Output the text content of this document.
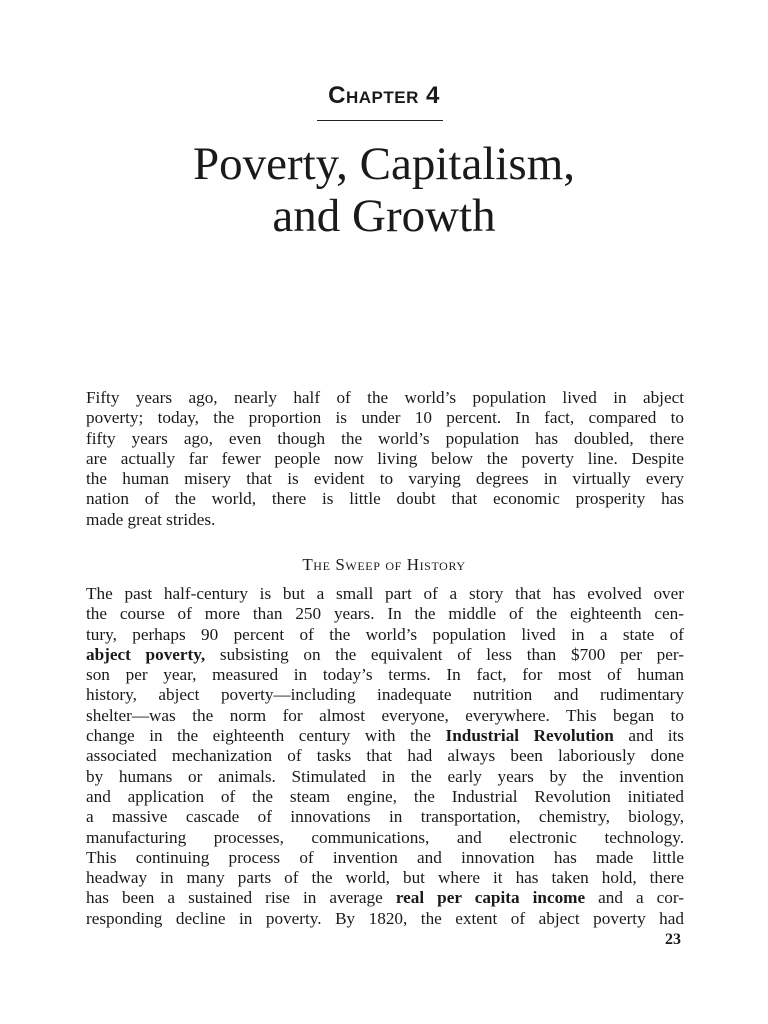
Chapter 4
Poverty, Capitalism,
and Growth
Fifty years ago, nearly half of the world’s population lived in abject
poverty; today, the proportion is under 10 percent. In fact, compared to
fifty years ago, even though the world’s population has doubled, there
are actually far fewer people now living below the poverty line. Despite
the human misery that is evident to varying degrees in virtually every
nation of the world, there is little doubt that economic prosperity has
made great strides.
The Sweep of History
The past half-century is but a small part of a story that has evolved over
the course of more than 250 years. In the middle of the eighteenth cen-
tury, perhaps 90 percent of the world’s population lived in a state of
abject poverty, subsisting on the equivalent of less than $700 per per-
son per year, measured in today’s terms. In fact, for most of human
history, abject poverty—including inadequate nutrition and rudimentary
shelter—was the norm for almost everyone, everywhere. This began to
change in the eighteenth century with the Industrial Revolution and its
associated mechanization of tasks that had always been laboriously done
by humans or animals. Stimulated in the early years by the invention
and application of the steam engine, the Industrial Revolution initiated
a massive cascade of innovations in transportation, chemistry, biology,
manufacturing processes, communications, and electronic technology.
This continuing process of invention and innovation has made little
headway in many parts of the world, but where it has taken hold, there
has been a sustained rise in average real per capita income and a cor-
responding decline in poverty. By 1820, the extent of abject poverty had
23
